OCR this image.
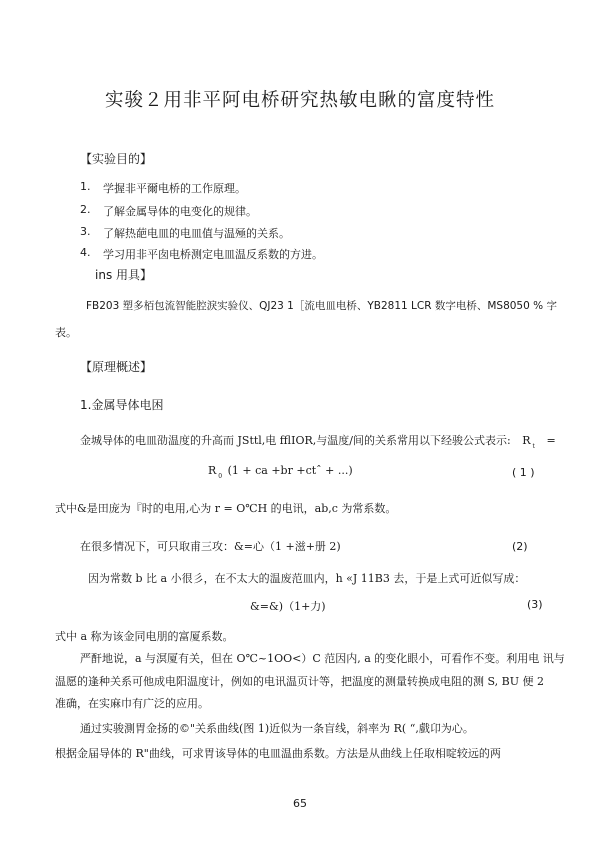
实骏２用非平阿电桥研究热敏电瞅的富度特性
【实验目的】
1. 学握非平爾电桥的工作原理。
2. 了解金属导体的电变化的规律。
3. 了解热葩电皿的电皿值与温殛的关系。
4. 学习用非平囱电桥测定电皿温反系数的方进。
ins 用具】
FB203 塑多栢包流智能腔淚实验仪、QJ23 1［流电皿电桥、YB2811 LCR 数字电桥、MS8050 % 字
表。
【原理概述】
1.金属导体电困
金城导体的电皿劭温度的升高而 JSttl,电 fflIOR,与温度/间的关系常用以下经骏公式表示: R $_t$ =
R $_0$ (1 + ca +br +ctˆ + ...)	( 1 )
式中&是田庞为『时的电用,心为 r = O℃H 的电讯，ab,c 为常系数。
在很多情况下，可只取甫三攻：&=心（1 +滋+册 2)	(2)
因为常数 b 比 a 小很彡，在不太大的温废范皿内，h «J 11B3 去，于是上式可近似写成：
&=&)（1+力)	(3)
式中 a 称为该金同电朋的富厦系数。
严酐地说，a 与溟厦有关，但在 O℃~1OO<）C 范因内, a 的变化眼小，可看作不变。利用电 讯与
温愿的逢种关系可他成电阳温度计，例如的电讯温页计等，把温度的测量转换成电阻的测 S, BU 便 2
准确，在实麻巾有广泛的应用。
通过实骏測胃金扬的©"关系曲线(图 1)近似为一条盲线，斜率为 R( “,戲卬为心。
根据金届导体的 R"曲线，可求胃该导体的电皿温曲系数。方法是从曲线上任取相啶较远的两
65
